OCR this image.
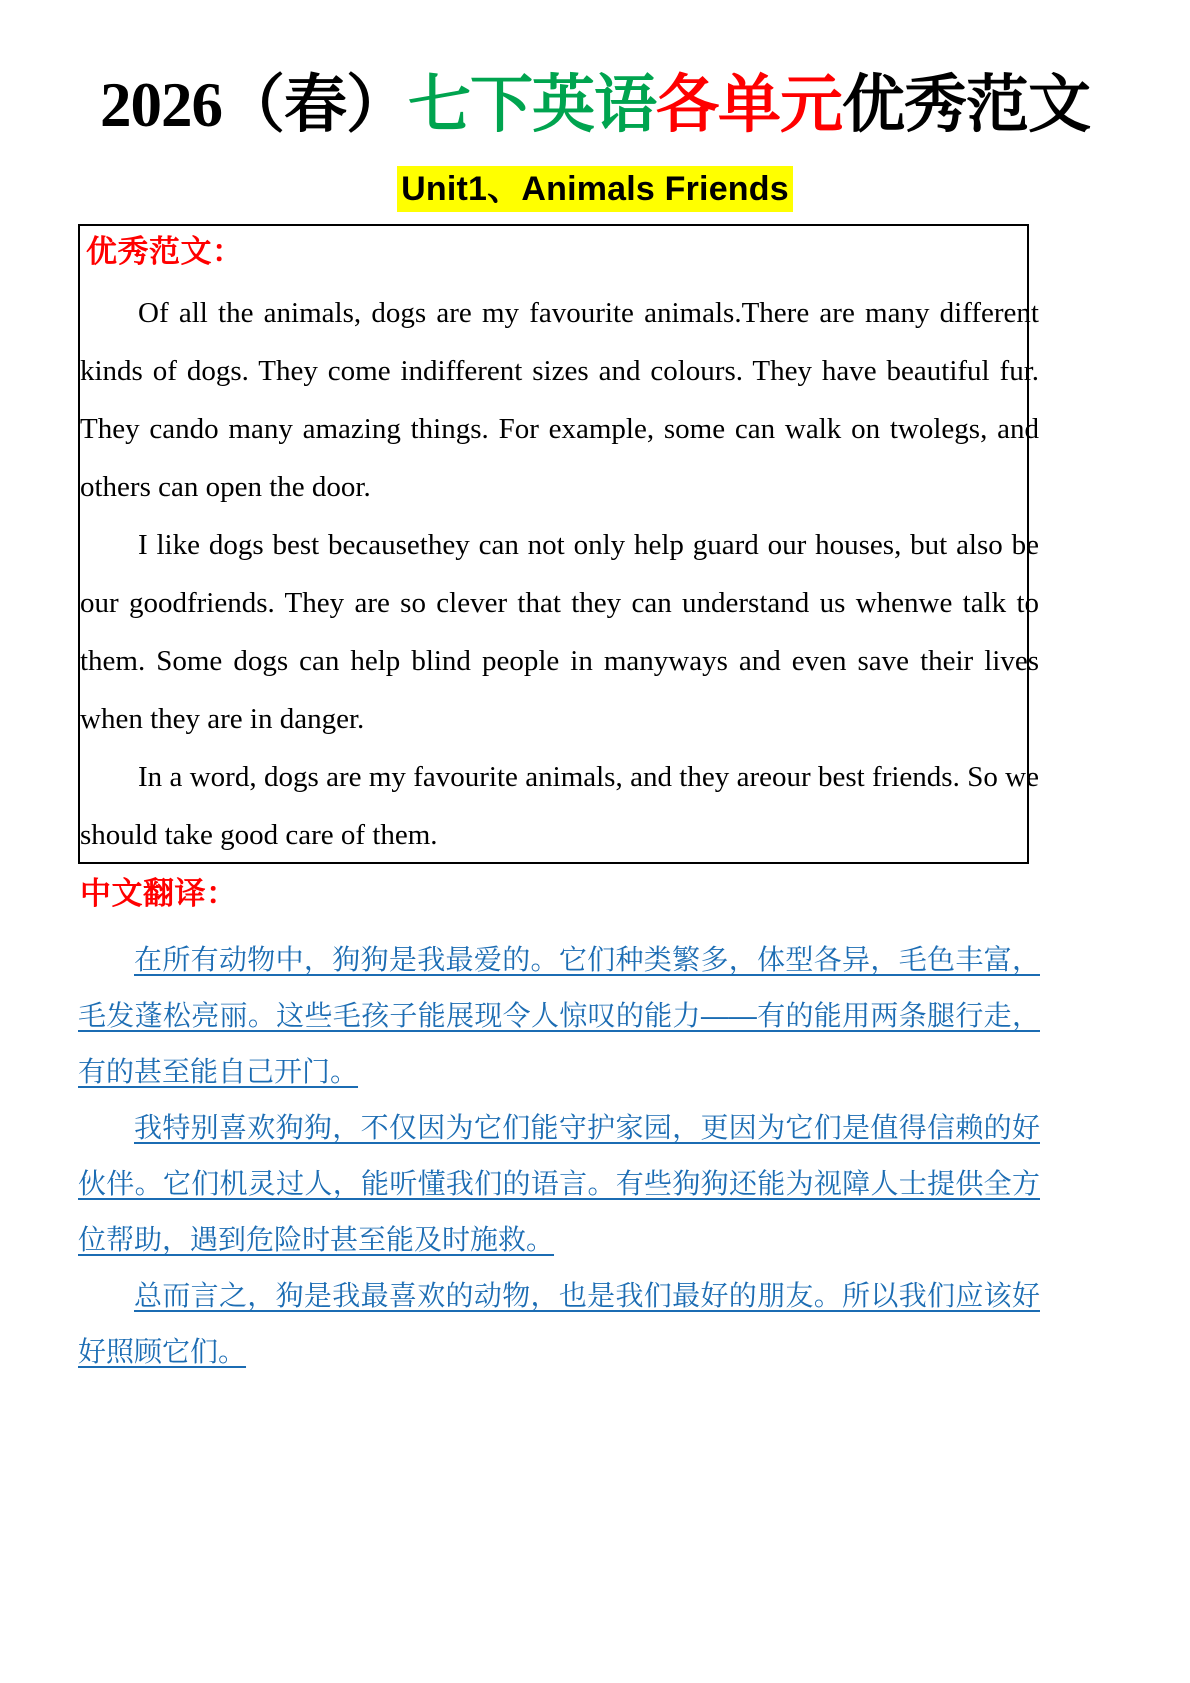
2026（春）七下英语各单元优秀范文
Unit1、Animals Friends
优秀范文：

Of all the animals, dogs are my favourite animals.There are many different kinds of dogs. They come indifferent sizes and colours. They have beautiful fur. They cando many amazing things. For example, some can walk on twolegs, and others can open the door.

I like dogs best becausethey can not only help guard our houses, but also be our goodfriends. They are so clever that they can understand us whenwe talk to them. Some dogs can help blind people in manyways and even save their lives when they are in danger.

In a word, dogs are my favourite animals, and they areour best friends. So we should take good care of them.

中文翻译：

在所有动物中，狗狗是我最爱的。它们种类繁多，体型各异，毛色丰富，毛发蓬松亮丽。这些毛孩子能展现令人惊叹的能力——有的能用两条腿行走，有的甚至能自己开门。

我特别喜欢狗狗，不仅因为它们能守护家园，更因为它们是值得信赖的好伙伴。它们机灵过人，能听懂我们的语言。有些狗狗还能为视障人士提供全方位帮助，遇到危险时甚至能及时施救。

总而言之，狗是我最喜欢的动物，也是我们最好的朋友。所以我们应该好好照顾它们。
